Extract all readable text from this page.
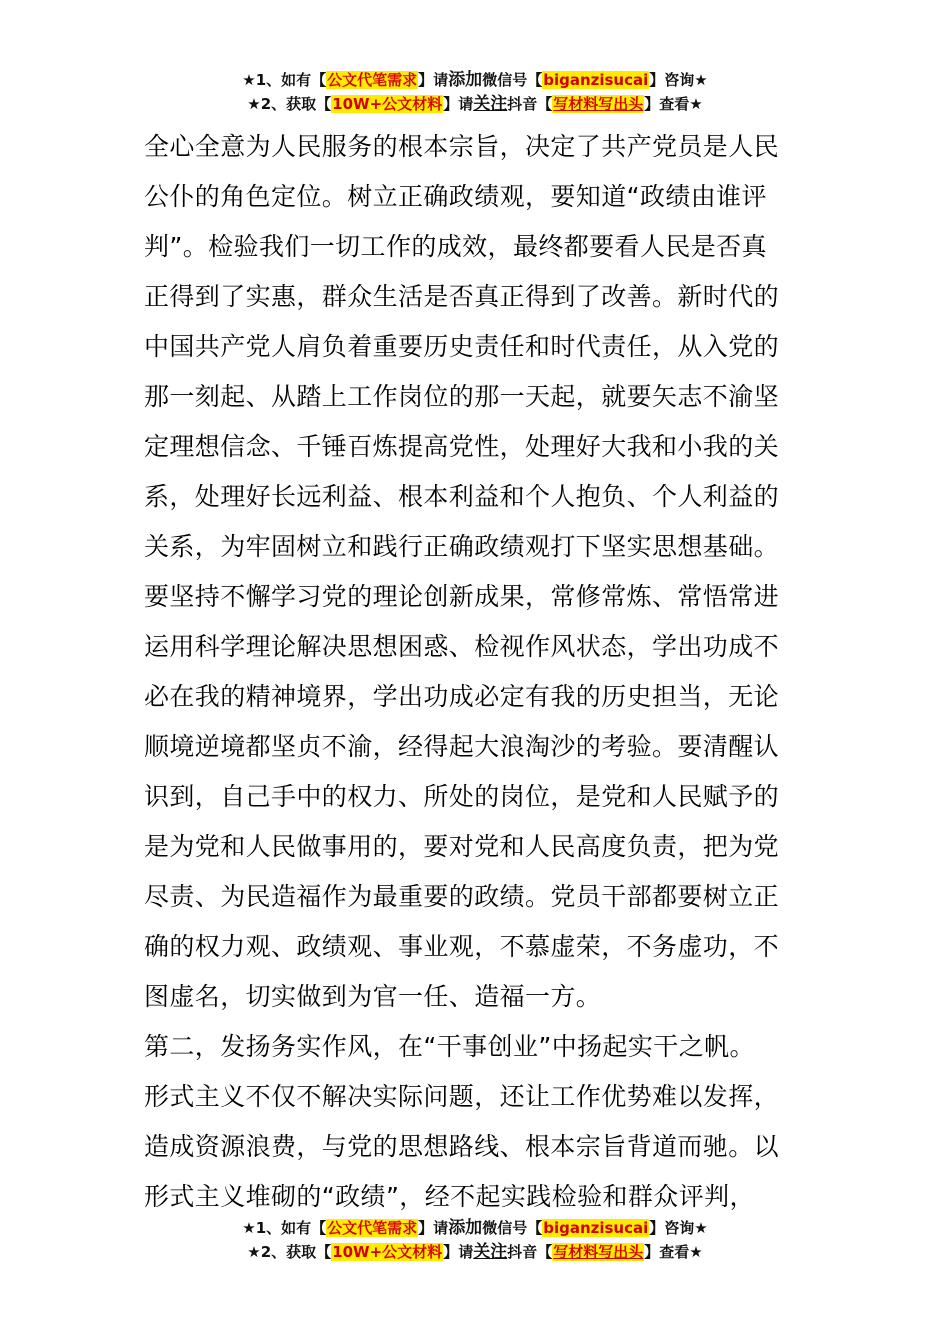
★1、如有【公文代笔需求】请添加微信号【biganzisucai】咨询★
★2、获取【10W+公文材料】请关注抖音【写材料写出头】查看★
全心全意为人民服务的根本宗旨，决定了共产党员是人民
公仆的角色定位。树立正确政绩观，要知道“政绩由谁评
判”。检验我们一切工作的成效，最终都要看人民是否真
正得到了实惠，群众生活是否真正得到了改善。新时代的
中国共产党人肩负着重要历史责任和时代责任，从入党的
那一刻起、从踏上工作岗位的那一天起，就要矢志不渝坚
定理想信念、千锤百炼提高党性，处理好大我和小我的关
系，处理好长远利益、根本利益和个人抱负、个人利益的
关系，为牢固树立和践行正确政绩观打下坚实思想基础。
要坚持不懈学习党的理论创新成果，常修常炼、常悟常进
运用科学理论解决思想困惑、检视作风状态，学出功成不
必在我的精神境界，学出功成必定有我的历史担当，无论
顺境逆境都坚贞不渝，经得起大浪淘沙的考验。要清醒认
识到，自己手中的权力、所处的岗位，是党和人民赋予的
是为党和人民做事用的，要对党和人民高度负责，把为党
尽责、为民造福作为最重要的政绩。党员干部都要树立正
确的权力观、政绩观、事业观，不慕虚荣，不务虚功，不
图虚名，切实做到为官一任、造福一方。
第二，发扬务实作风，在“干事创业”中扬起实干之帆。
形式主义不仅不解决实际问题，还让工作优势难以发挥，
造成资源浪费，与党的思想路线、根本宗旨背道而驰。以
形式主义堆砌的“政绩”，经不起实践检验和群众评判，
★1、如有【公文代笔需求】请添加微信号【biganzisucai】咨询★
★2、获取【10W+公文材料】请关注抖音【写材料写出头】查看★
